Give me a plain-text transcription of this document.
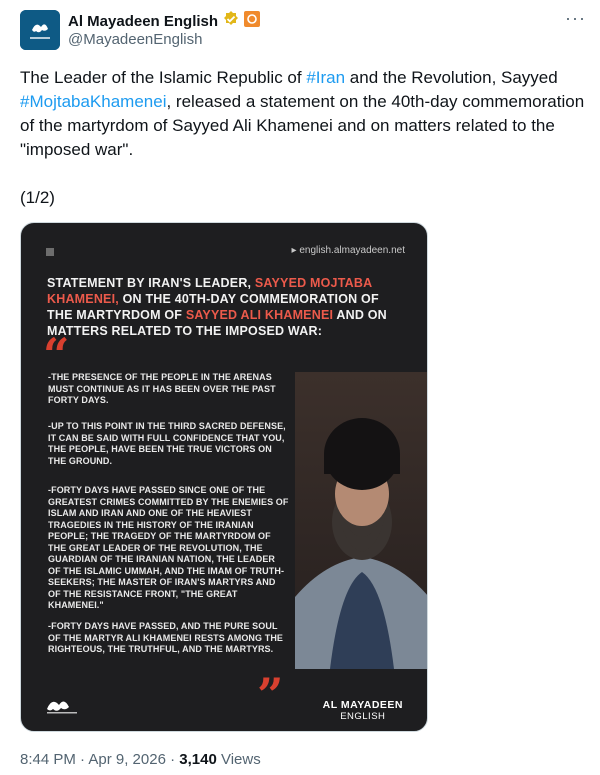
Al Mayadeen English
@MayadeenEnglish
···
The Leader of the Islamic Republic of #Iran and the Revolution, Sayyed #MojtabaKhamenei, released a statement on the 40th-day commemoration of the martyrdom of Sayyed Ali Khamenei and on matters related to the "imposed war".
(1/2)
▸ english.almayadeen.net
STATEMENT BY IRAN'S LEADER, SAYYED MOJTABA KHAMENEI, ON THE 40TH-DAY COMMEMORATION OF THE MARTYRDOM OF SAYYED ALI KHAMENEI AND ON MATTERS RELATED TO THE IMPOSED WAR:
“
-THE PRESENCE OF THE PEOPLE IN THE ARENAS MUST CONTINUE AS IT HAS BEEN OVER THE PAST FORTY DAYS.
-UP TO THIS POINT IN THE THIRD SACRED DEFENSE, IT CAN BE SAID WITH FULL CONFIDENCE THAT YOU, THE PEOPLE, HAVE BEEN THE TRUE VICTORS ON THE GROUND.
-FORTY DAYS HAVE PASSED SINCE ONE OF THE GREATEST CRIMES COMMITTED BY THE ENEMIES OF ISLAM AND IRAN AND ONE OF THE HEAVIEST TRAGEDIES IN THE HISTORY OF THE IRANIAN PEOPLE; THE TRAGEDY OF THE MARTYRDOM OF THE GREAT LEADER OF THE REVOLUTION, THE GUARDIAN OF THE IRANIAN NATION, THE LEADER OF THE ISLAMIC UMMAH, AND THE IMAM OF TRUTH-SEEKERS; THE MASTER OF IRAN'S MARTYRS AND OF THE RESISTANCE FRONT, "THE GREAT KHAMENEI."
-FORTY DAYS HAVE PASSED, AND THE PURE SOUL OF THE MARTYR ALI KHAMENEI RESTS AMONG THE RIGHTEOUS, THE TRUTHFUL, AND THE MARTYRS.
”	AL MAYADEEN
ENGLISH
8:44 PM · Apr 9, 2026 · 3,140 Views
